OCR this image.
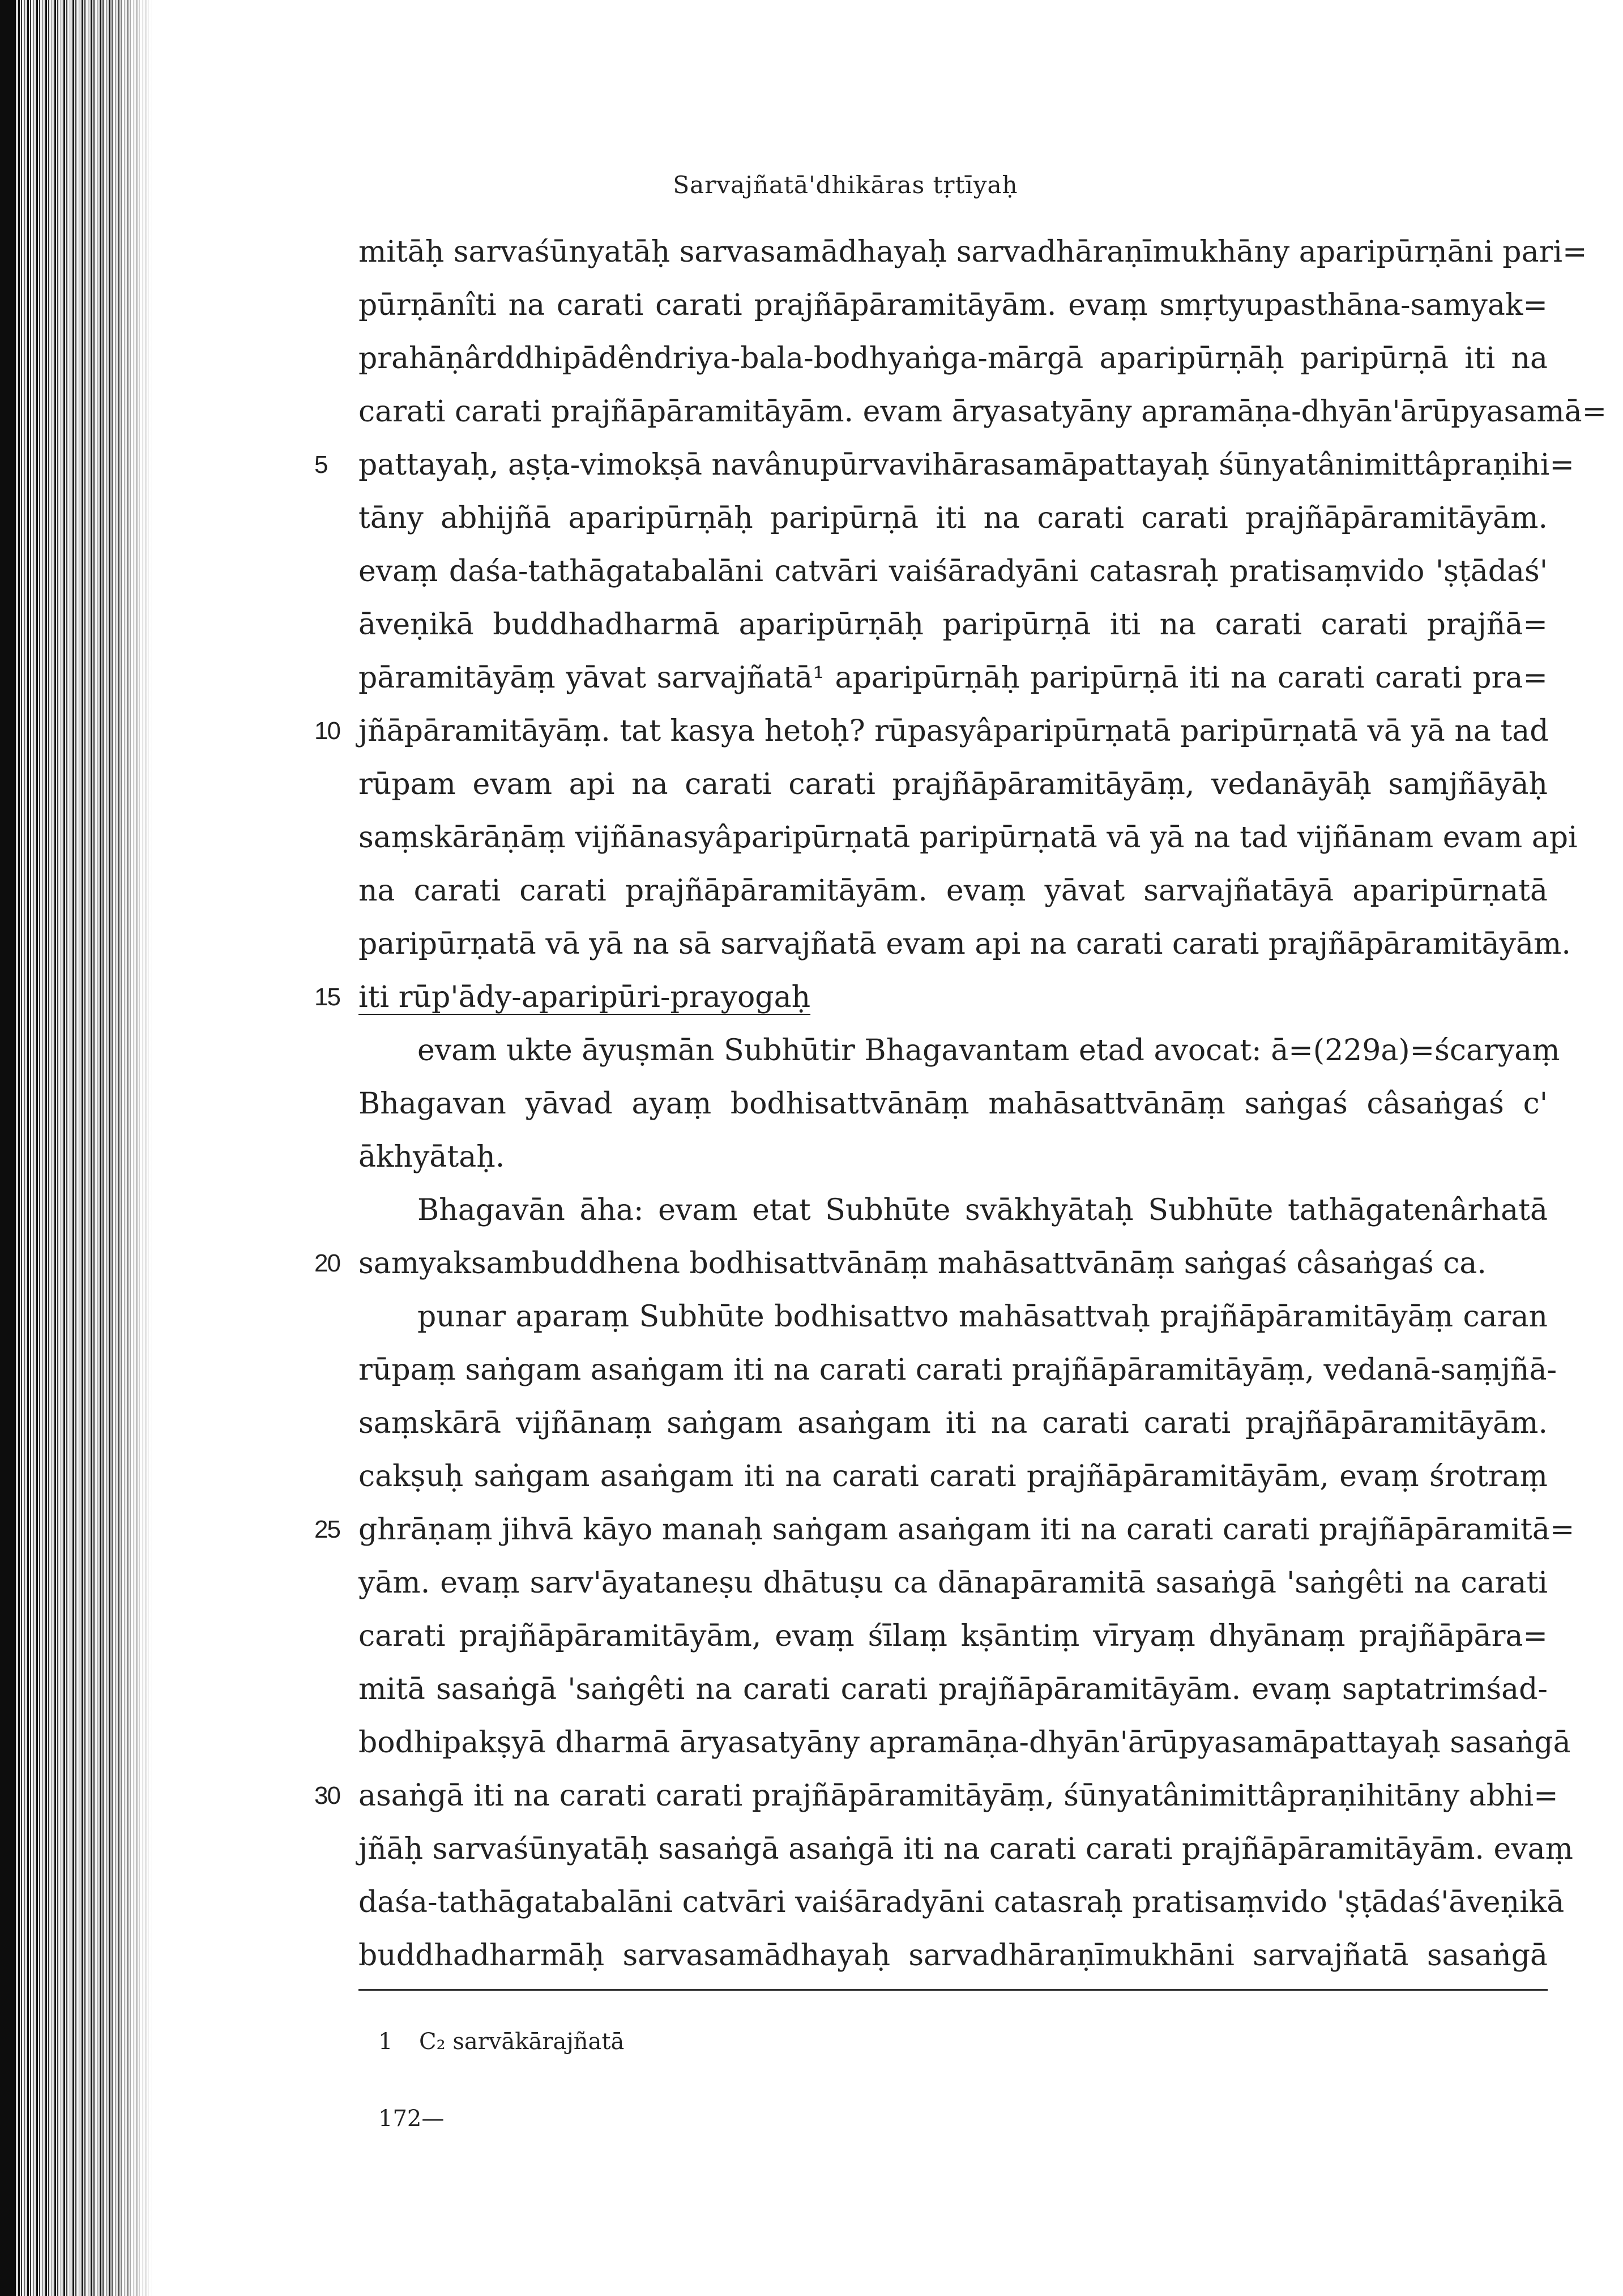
Sarvajñatā'dhikāras tṛtīyaḥ
mitāḥ sarvaśūnyatāḥ sarvasamādhayaḥ sarvadhāraṇīmukhāny aparipūrṇāni pari=
pūrṇānîti na carati carati prajñāpāramitāyām. evaṃ smṛtyupasthāna-samyak=
prahāṇârddhipādêndriya-bala-bodhyaṅga-mārgā aparipūrṇāḥ paripūrṇā iti na
carati carati prajñāpāramitāyām. evam āryasatyāny apramāṇa-dhyān'ārūpyasamā=
5 pattayaḥ, aṣṭa-vimokṣā navânupūrvavihārasamāpattayaḥ śūnyatânimittâpraṇihi=
tāny abhijñā aparipūrṇāḥ paripūrṇā iti na carati carati prajñāpāramitāyām.
evaṃ daśa-tathāgatabalāni catvāri vaiśāradyāni catasraḥ pratisaṃvido 'ṣṭādaś'
āveṇikā buddhadharmā aparipūrṇāḥ paripūrṇā iti na carati carati prajñā=
pāramitāyāṃ yāvat sarvajñatā¹ aparipūrṇāḥ paripūrṇā iti na carati carati pra=
10 jñāpāramitāyāṃ. tat kasya hetoḥ? rūpasyâparipūrṇatā paripūrṇatā vā yā na tad
rūpam evam api na carati carati prajñāpāramitāyāṃ, vedanāyāḥ samjñāyāḥ
saṃskārāṇāṃ vijñānasyâparipūrṇatā paripūrṇatā vā yā na tad vijñānam evam api
na carati carati prajñāpāramitāyām. evaṃ yāvat sarvajñatāyā aparipūrṇatā
paripūrṇatā vā yā na sā sarvajñatā evam api na carati carati prajñāpāramitāyām.
15 iti rūp'ādy-aparipūri-prayogaḥ
evam ukte āyuṣmān Subhūtir Bhagavantam etad avocat: ā=(229a)=ścaryaṃ
Bhagavan yāvad ayaṃ bodhisattvānāṃ mahāsattvānāṃ saṅgaś câsaṅgaś c'
ākhyātaḥ.
Bhagavān āha: evam etat Subhūte svākhyātaḥ Subhūte tathāgatenârhatā
20 samyaksambuddhena bodhisattvānāṃ mahāsattvānāṃ saṅgaś câsaṅgaś ca.
punar aparaṃ Subhūte bodhisattvo mahāsattvaḥ prajñāpāramitāyāṃ caran
rūpaṃ saṅgam asaṅgam iti na carati carati prajñāpāramitāyāṃ, vedanā-saṃjñā-
saṃskārā vijñānaṃ saṅgam asaṅgam iti na carati carati prajñāpāramitāyām.
cakṣuḥ saṅgam asaṅgam iti na carati carati prajñāpāramitāyām, evaṃ śrotraṃ
25 ghrāṇaṃ jihvā kāyo manaḥ saṅgam asaṅgam iti na carati carati prajñāpāramitā=
yām. evaṃ sarv'āyataneṣu dhātuṣu ca dānapāramitā sasaṅgā 'saṅgêti na carati
carati prajñāpāramitāyām, evaṃ śīlaṃ kṣāntiṃ vīryaṃ dhyānaṃ prajñāpāra=
mitā sasaṅgā 'saṅgêti na carati carati prajñāpāramitāyām. evaṃ saptatrimśad-
bodhipakṣyā dharmā āryasatyāny apramāṇa-dhyān'ārūpyasamāpattayaḥ sasaṅgā
30 asaṅgā iti na carati carati prajñāpāramitāyāṃ, śūnyatânimittâpraṇihitāny abhi=
jñāḥ sarvaśūnyatāḥ sasaṅgā asaṅgā iti na carati carati prajñāpāramitāyām. evaṃ
daśa-tathāgatabalāni catvāri vaiśāradyāni catasraḥ pratisaṃvido 'ṣṭādaś'āveṇikā
buddhadharmāḥ sarvasamādhayaḥ sarvadhāraṇīmukhāni sarvajñatā sasaṅgā
1 C₂ sarvākārajñatā
172—
